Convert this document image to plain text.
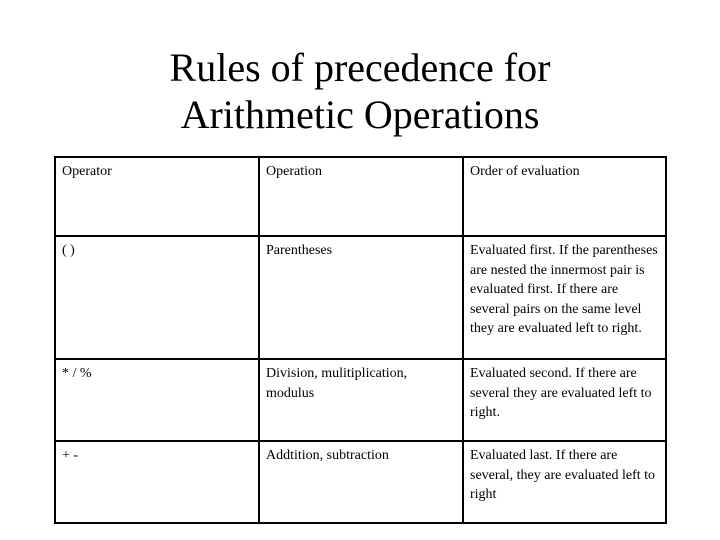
Rules of precedence for
Arithmetic Operations
Operator	Operation	Order of evaluation
( )	Parentheses	Evaluated first. If the parentheses are nested the innermost pair is evaluated first. If there are several pairs on the same level they are evaluated left to right.
* / %	Division, mulitiplication, modulus	Evaluated second. If there are several they are evaluated left to right.
+ -	Addtition, subtraction	Evaluated last. If there are several, they are evaluated left to right
